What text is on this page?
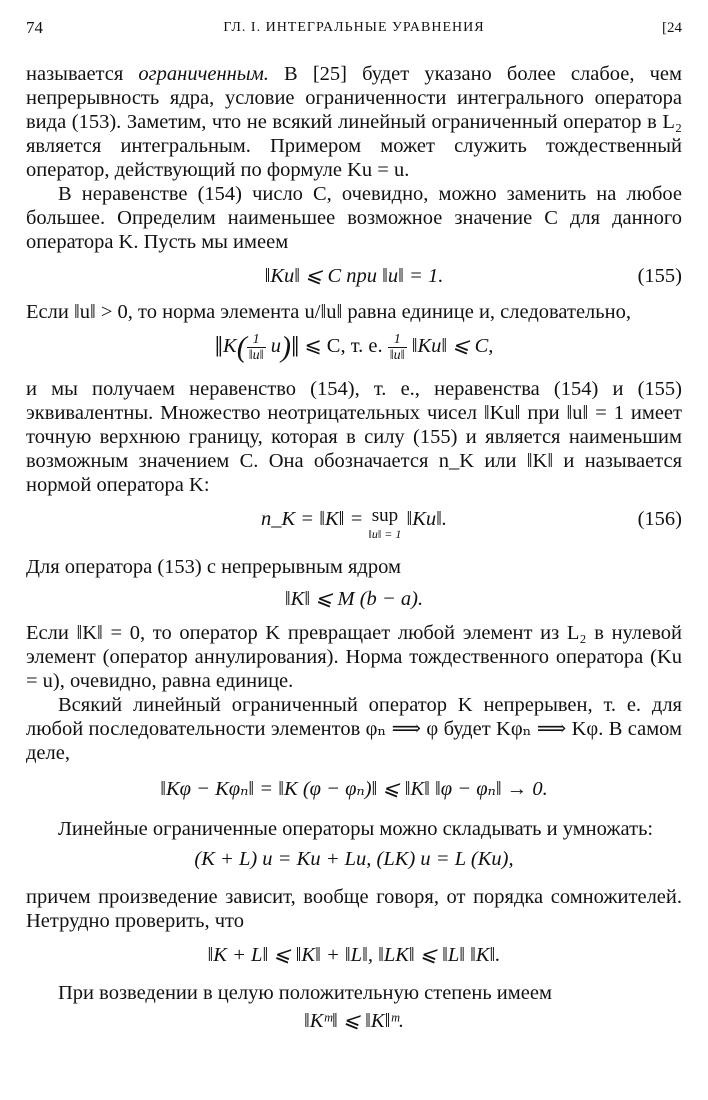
74	ГЛ. I. ИНТЕГРАЛЬНЫЕ УРАВНЕНИЯ	[24

называется ограниченным. В [25] будет указано более слабое, чем непрерывность ядра, условие ограниченности интегрального оператора вида (153). Заметим, что не всякий линейный ограниченный оператор в L₂ является интегральным. Примером может служить тождественный оператор, действующий по формуле Ku = u.

В неравенстве (154) число C, очевидно, можно заменить на любое большее. Определим наименьшее возможное значение C для данного оператора K. Пусть мы имеем

‖Ku‖ ⩽ C при ‖u‖ = 1.	(155)

Если ‖u‖ > 0, то норма элемента u/‖u‖ равна единице и, следовательно,

‖K( $\frac{1}{‖u‖}$ u)‖ ⩽ C, т. е. $\frac{1}{‖u‖}$ ‖Ku‖ ⩽ C,

и мы получаем неравенство (154), т. е., неравенства (154) и (155) эквивалентны. Множество неотрицательных чисел ‖Ku‖ при ‖u‖ = 1 имеет точную верхнюю границу, которая в силу (155) и является наименьшим возможным значением C. Она обозначается n_K или ‖K‖ и называется нормой оператора K:

n_K = ‖K‖ = sup
‖u‖ = 1
‖Ku‖.	(156)

Для оператора (153) с непрерывным ядром

‖K‖ ⩽ M (b − a).

Если ‖K‖ = 0, то оператор K превращает любой элемент из L₂ в нулевой элемент (оператор аннулирования). Норма тождественного оператора (Ku = u), очевидно, равна единице.

Всякий линейный ограниченный оператор K непрерывен, т. е. для любой последовательности элементов φₙ ⟹ φ будет Kφₙ ⟹ Kφ. В самом деле,

‖Kφ − Kφₙ‖ = ‖K (φ − φₙ)‖ ⩽ ‖K‖ ‖φ − φₙ‖ → 0.

Линейные ограниченные операторы можно складывать и умножать:

(K + L) u = Ku + Lu, (LK) u = L (Ku),

причем произведение зависит, вообще говоря, от порядка сомножителей. Нетрудно проверить, что

‖K + L‖ ⩽ ‖K‖ + ‖L‖, ‖LK‖ ⩽ ‖L‖ ‖K‖.

При возведении в целую положительную степень имеем

‖Kᵐ‖ ⩽ ‖K‖ᵐ.
